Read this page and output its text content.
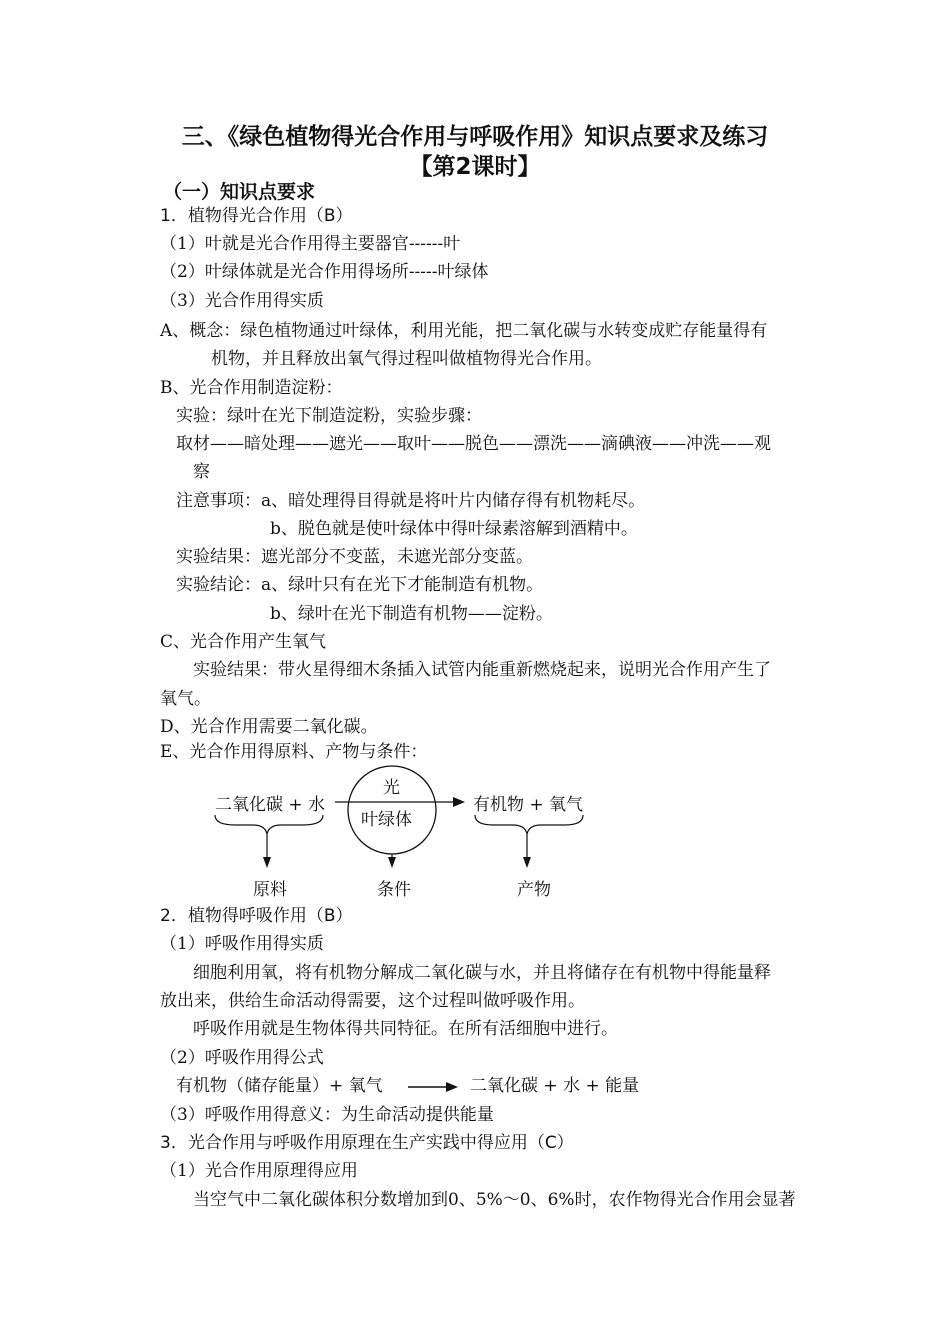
三、《绿色植物得光合作用与呼吸作用》知识点要求及练习
【第2课时】
（一）知识点要求
1．植物得光合作用（B）
（1）叶就是光合作用得主要器官------叶
（2）叶绿体就是光合作用得场所-----叶绿体
（3）光合作用得实质
A、概念：绿色植物通过叶绿体，利用光能，把二氧化碳与水转变成贮存能量得有
机物，并且释放出氧气得过程叫做植物得光合作用。
B、光合作用制造淀粉：
实验：绿叶在光下制造淀粉，实验步骤：
取材——暗处理——遮光——取叶——脱色——漂洗——滴碘液——冲洗——观
察
注意事项：a、暗处理得目得就是将叶片内储存得有机物耗尽。
b、脱色就是使叶绿体中得叶绿素溶解到酒精中。
实验结果：遮光部分不变蓝，未遮光部分变蓝。
实验结论：a、绿叶只有在光下才能制造有机物。
b、绿叶在光下制造有机物——淀粉。
C、光合作用产生氧气
实验结果：带火星得细木条插入试管内能重新燃烧起来，说明光合作用产生了
氧气。
D、光合作用需要二氧化碳。
E、光合作用得原料、产物与条件：
二氧化碳 + 水
光
叶绿体
有机物 + 氧气
原料	条件	产物
2．植物得呼吸作用（B）
（1）呼吸作用得实质
细胞利用氧，将有机物分解成二氧化碳与水，并且将储存在有机物中得能量释
放出来，供给生命活动得需要，这个过程叫做呼吸作用。
呼吸作用就是生物体得共同特征。在所有活细胞中进行。
（2）呼吸作用得公式
有机物（储存能量）+ 氧气	二氧化碳 + 水 + 能量
（3）呼吸作用得意义：为生命活动提供能量
3．光合作用与呼吸作用原理在生产实践中得应用（C）
（1）光合作用原理得应用
当空气中二氧化碳体积分数增加到0、5%～0、6%时，农作物得光合作用会显著
